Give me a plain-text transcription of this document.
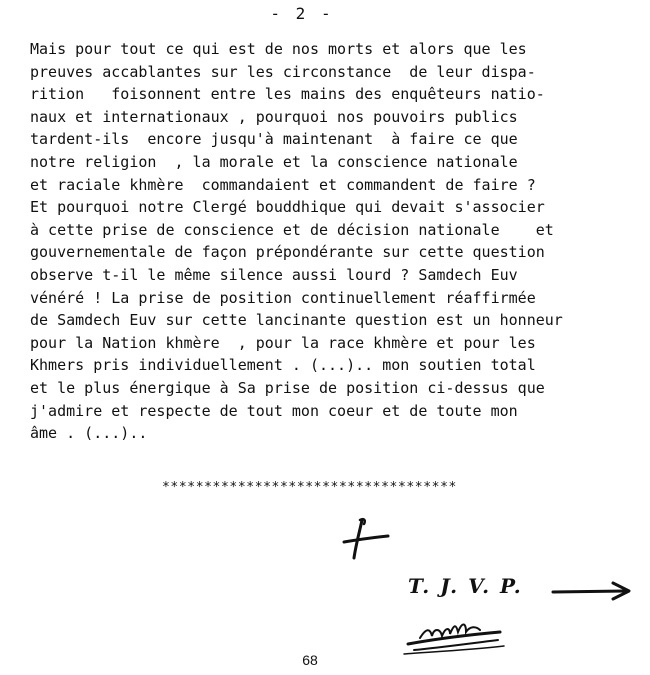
- 2 -
Mais pour tout ce qui est de nos morts et alors que les
preuves accablantes sur les circonstance  de leur dispa-
rition   foisonnent entre les mains des enquêteurs natio-
naux et internationaux , pourquoi nos pouvoirs publics
tardent-ils  encore jusqu'à maintenant  à faire ce que
notre religion  , la morale et la conscience nationale
et raciale khmère  commandaient et commandent de faire ?
Et pourquoi notre Clergé bouddhique qui devait s'associer
à cette prise de conscience et de décision nationale    et
gouvernementale de façon prépondérante sur cette question
observe t-il le même silence aussi lourd ? Samdech Euv
vénéré ! La prise de position continuellement réaffirmée
de Samdech Euv sur cette lancinante question est un honneur
pour la Nation khmère  , pour la race khmère et pour les
Khmers pris individuellement . (...).. mon soutien total
et le plus énergique à Sa prise de position ci-dessus que
j'admire et respecte de tout mon coeur et de toute mon
âme . (...)..
***********************************
T. J. V. P.
68
